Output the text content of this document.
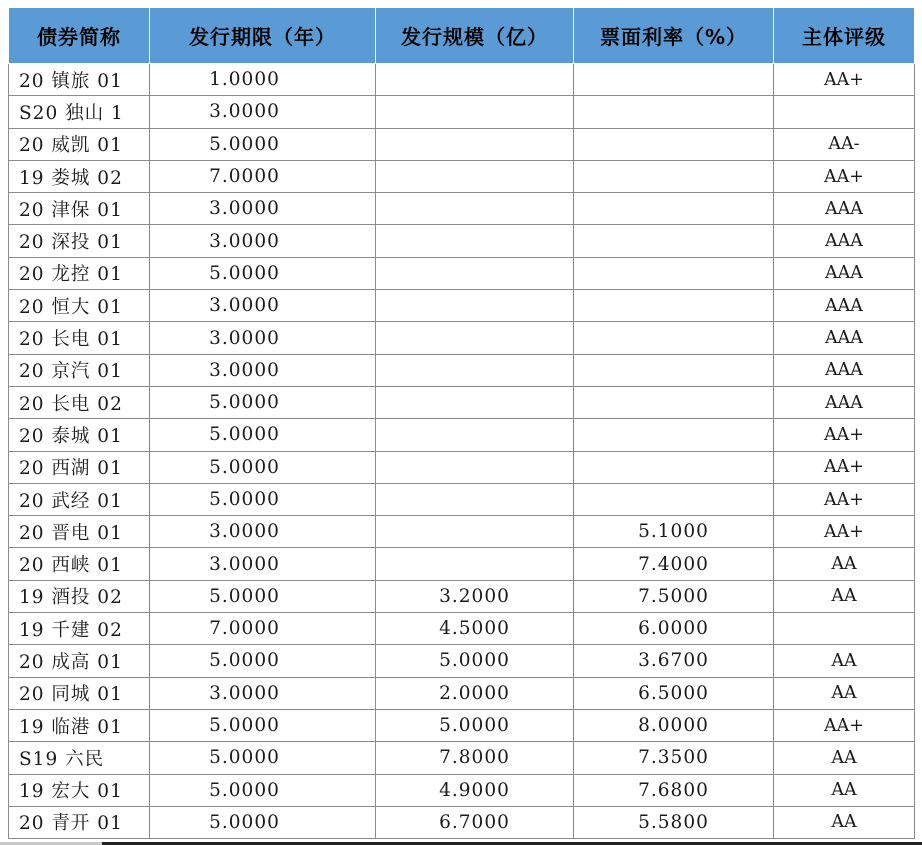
债券简称	发行期限（年）	发行规模（亿）	票面利率（%）	主体评级
20 镇旅 01	1.0000			AA+
S20 独山 1	3.0000			
20 威凯 01	5.0000			AA-
19 娄城 02	7.0000			AA+
20 津保 01	3.0000			AAA
20 深投 01	3.0000			AAA
20 龙控 01	5.0000			AAA
20 恒大 01	3.0000			AAA
20 长电 01	3.0000			AAA
20 京汽 01	3.0000			AAA
20 长电 02	5.0000			AAA
20 泰城 01	5.0000			AA+
20 西湖 01	5.0000			AA+
20 武经 01	5.0000			AA+
20 晋电 01	3.0000		5.1000	AA+
20 西峡 01	3.0000		7.4000	AA
19 酒投 02	5.0000	3.2000	7.5000	AA
19 千建 02	7.0000	4.5000	6.0000	
20 成高 01	5.0000	5.0000	3.6700	AA
20 同城 01	3.0000	2.0000	6.5000	AA
19 临港 01	5.0000	5.0000	8.0000	AA+
S19 六民	5.0000	7.8000	7.3500	AA
19 宏大 01	5.0000	4.9000	7.6800	AA
20 青开 01	5.0000	6.7000	5.5800	AA
